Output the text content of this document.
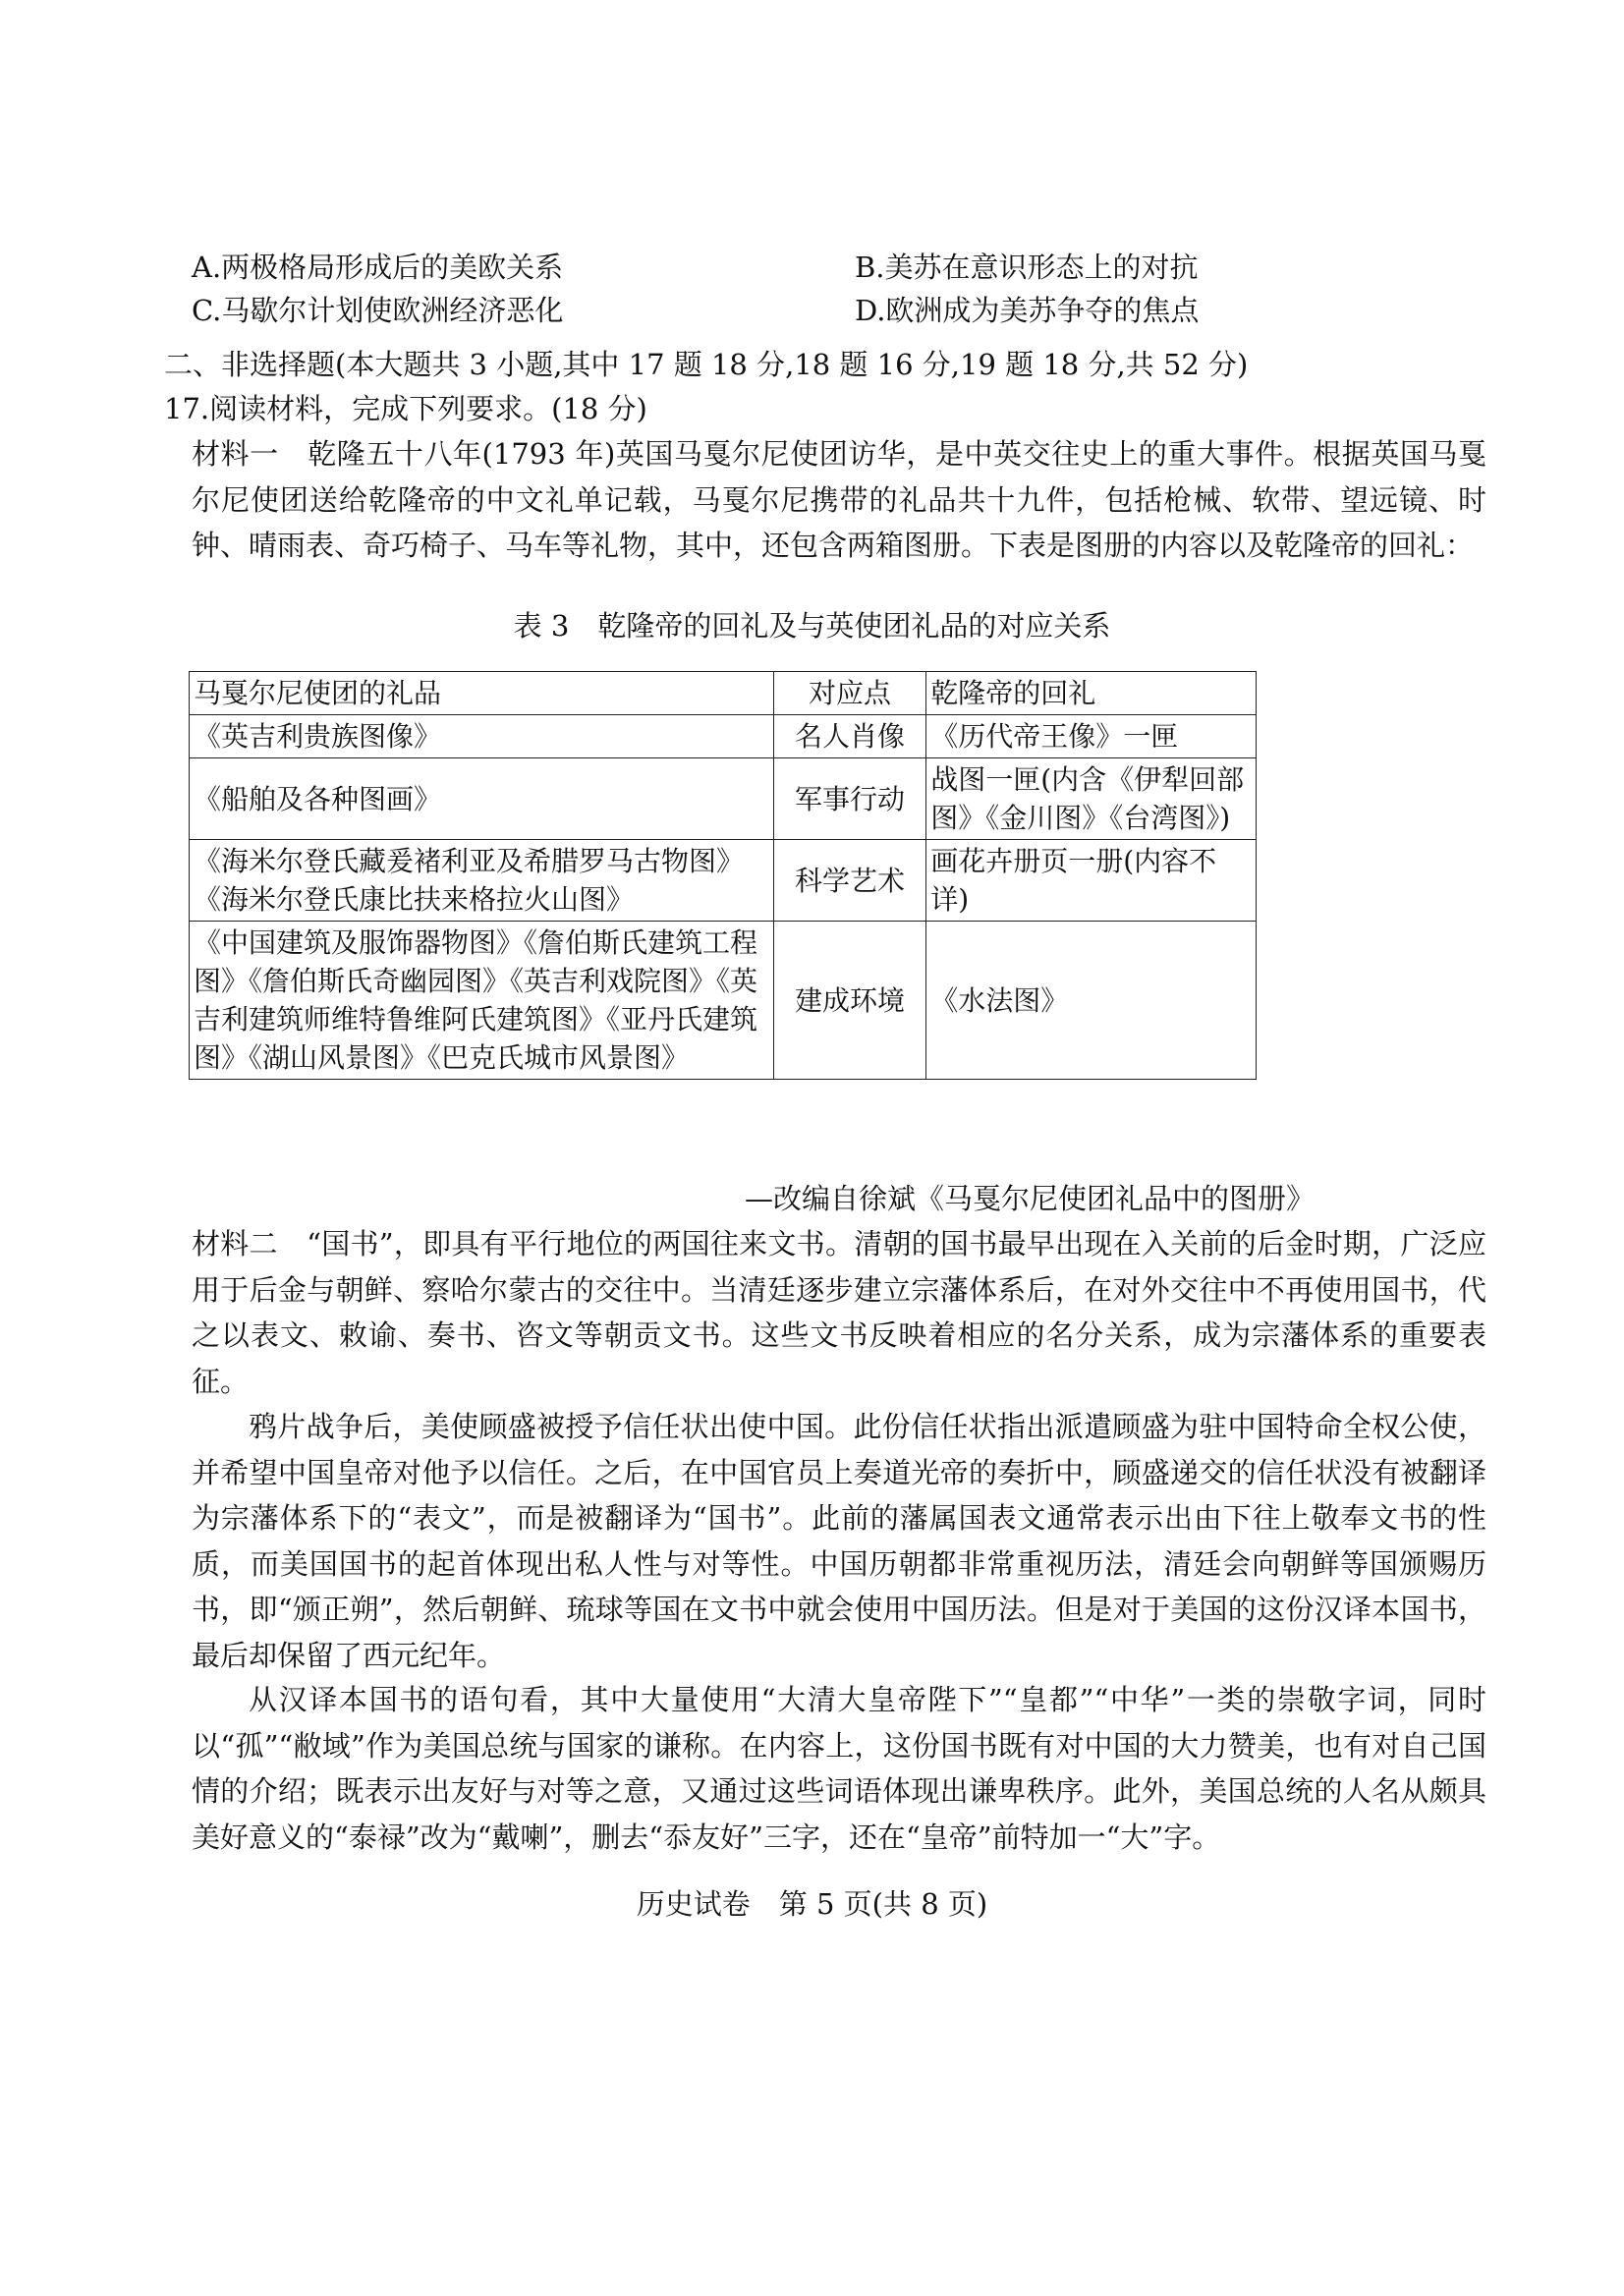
A.两极格局形成后的美欧关系	B.美苏在意识形态上的对抗
C.马歇尔计划使欧洲经济恶化	D.欧洲成为美苏争夺的焦点
二、非选择题(本大题共 3 小题,其中 17 题 18 分,18 题 16 分,19 题 18 分,共 52 分)
17.阅读材料，完成下列要求。(18 分)
材料一　乾隆五十八年(1793 年)英国马戛尔尼使团访华，是中英交往史上的重大事件。根据英国马戛尔尼使团送给乾隆帝的中文礼单记载，马戛尔尼携带的礼品共十九件，包括枪械、软带、望远镜、时钟、晴雨表、奇巧椅子、马车等礼物，其中，还包含两箱图册。下表是图册的内容以及乾隆帝的回礼：
表 3　乾隆帝的回礼及与英使团礼品的对应关系
马戛尔尼使团的礼品	对应点	乾隆帝的回礼
《英吉利贵族图像》	名人肖像	《历代帝王像》一匣
《船舶及各种图画》	军事行动	战图一匣(内含《伊犁回部图》《金川图》《台湾图》)
《海米尔登氏藏爰褚利亚及希腊罗马古物图》《海米尔登氏康比扶来格拉火山图》	科学艺术	画花卉册页一册(内容不详)
《中国建筑及服饰器物图》《詹伯斯氏建筑工程图》《詹伯斯氏奇幽园图》《英吉利戏院图》《英吉利建筑师维特鲁维阿氏建筑图》《亚丹氏建筑图》《湖山风景图》《巴克氏城市风景图》	建成环境	《水法图》
—改编自徐斌《马戛尔尼使团礼品中的图册》
材料二　“国书”，即具有平行地位的两国往来文书。清朝的国书最早出现在入关前的后金时期，广泛应用于后金与朝鲜、察哈尔蒙古的交往中。当清廷逐步建立宗藩体系后，在对外交往中不再使用国书，代之以表文、敕谕、奏书、咨文等朝贡文书。这些文书反映着相应的名分关系，成为宗藩体系的重要表征。
鸦片战争后，美使顾盛被授予信任状出使中国。此份信任状指出派遣顾盛为驻中国特命全权公使，并希望中国皇帝对他予以信任。之后，在中国官员上奏道光帝的奏折中，顾盛递交的信任状没有被翻译为宗藩体系下的“表文”，而是被翻译为“国书”。此前的藩属国表文通常表示出由下往上敬奉文书的性质，而美国国书的起首体现出私人性与对等性。中国历朝都非常重视历法，清廷会向朝鲜等国颁赐历书，即“颁正朔”，然后朝鲜、琉球等国在文书中就会使用中国历法。但是对于美国的这份汉译本国书，最后却保留了西元纪年。
从汉译本国书的语句看，其中大量使用“大清大皇帝陛下”“皇都”“中华”一类的崇敬字词，同时以“孤”“敝域”作为美国总统与国家的谦称。在内容上，这份国书既有对中国的大力赞美，也有对自己国情的介绍；既表示出友好与对等之意，又通过这些词语体现出谦卑秩序。此外，美国总统的人名从颇具美好意义的“泰禄”改为“戴喇”，删去“忝友好”三字，还在“皇帝”前特加一“大”字。
历史试卷　第 5 页(共 8 页)
